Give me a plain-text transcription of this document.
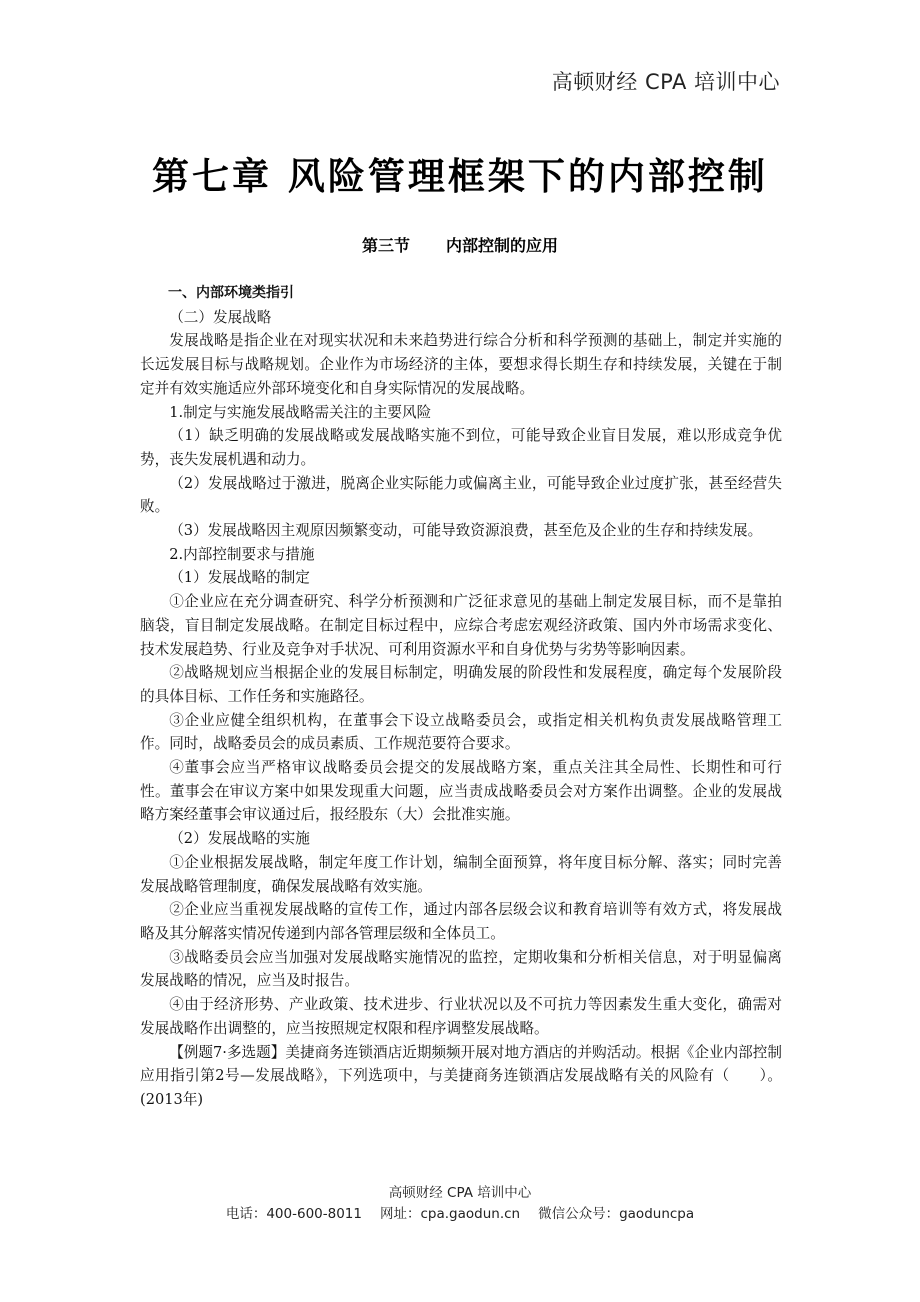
高顿财经 CPA 培训中心
第七章 风险管理框架下的内部控制
第三节 内部控制的应用

一、内部环境类指引

（二）发展战略

发展战略是指企业在对现实状况和未来趋势进行综合分析和科学预测的基础上，制定并实施的长远发展目标与战略规划。企业作为市场经济的主体，要想求得长期生存和持续发展，关键在于制定并有效实施适应外部环境变化和自身实际情况的发展战略。

1.制定与实施发展战略需关注的主要风险

（1）缺乏明确的发展战略或发展战略实施不到位，可能导致企业盲目发展，难以形成竞争优势，丧失发展机遇和动力。

（2）发展战略过于激进，脱离企业实际能力或偏离主业，可能导致企业过度扩张，甚至经营失败。

（3）发展战略因主观原因频繁变动，可能导致资源浪费，甚至危及企业的生存和持续发展。

2.内部控制要求与措施

（1）发展战略的制定

①企业应在充分调查研究、科学分析预测和广泛征求意见的基础上制定发展目标，而不是靠拍脑袋，盲目制定发展战略。在制定目标过程中，应综合考虑宏观经济政策、国内外市场需求变化、技术发展趋势、行业及竞争对手状况、可利用资源水平和自身优势与劣势等影响因素。

②战略规划应当根据企业的发展目标制定，明确发展的阶段性和发展程度，确定每个发展阶段的具体目标、工作任务和实施路径。

③企业应健全组织机构，在董事会下设立战略委员会，或指定相关机构负责发展战略管理工作。同时，战略委员会的成员素质、工作规范要符合要求。

④董事会应当严格审议战略委员会提交的发展战略方案，重点关注其全局性、长期性和可行性。董事会在审议方案中如果发现重大问题，应当责成战略委员会对方案作出调整。企业的发展战略方案经董事会审议通过后，报经股东（大）会批准实施。

（2）发展战略的实施

①企业根据发展战略，制定年度工作计划，编制全面预算，将年度目标分解、落实；同时完善发展战略管理制度，确保发展战略有效实施。

②企业应当重视发展战略的宣传工作，通过内部各层级会议和教育培训等有效方式，将发展战略及其分解落实情况传递到内部各管理层级和全体员工。

③战略委员会应当加强对发展战略实施情况的监控，定期收集和分析相关信息，对于明显偏离发展战略的情况，应当及时报告。

④由于经济形势、产业政策、技术进步、行业状况以及不可抗力等因素发生重大变化，确需对发展战略作出调整的，应当按照规定权限和程序调整发展战略。

【例题7·多选题】美捷商务连锁酒店近期频频开展对地方酒店的并购活动。根据《企业内部控制应用指引第2号—发展战略》，下列选项中，与美捷商务连锁酒店发展战略有关的风险有（　　）。(2013年)

高顿财经 CPA 培训中心
电话：400-600-8011 网址：cpa.gaodun.cn 微信公众号：gaoduncpa
